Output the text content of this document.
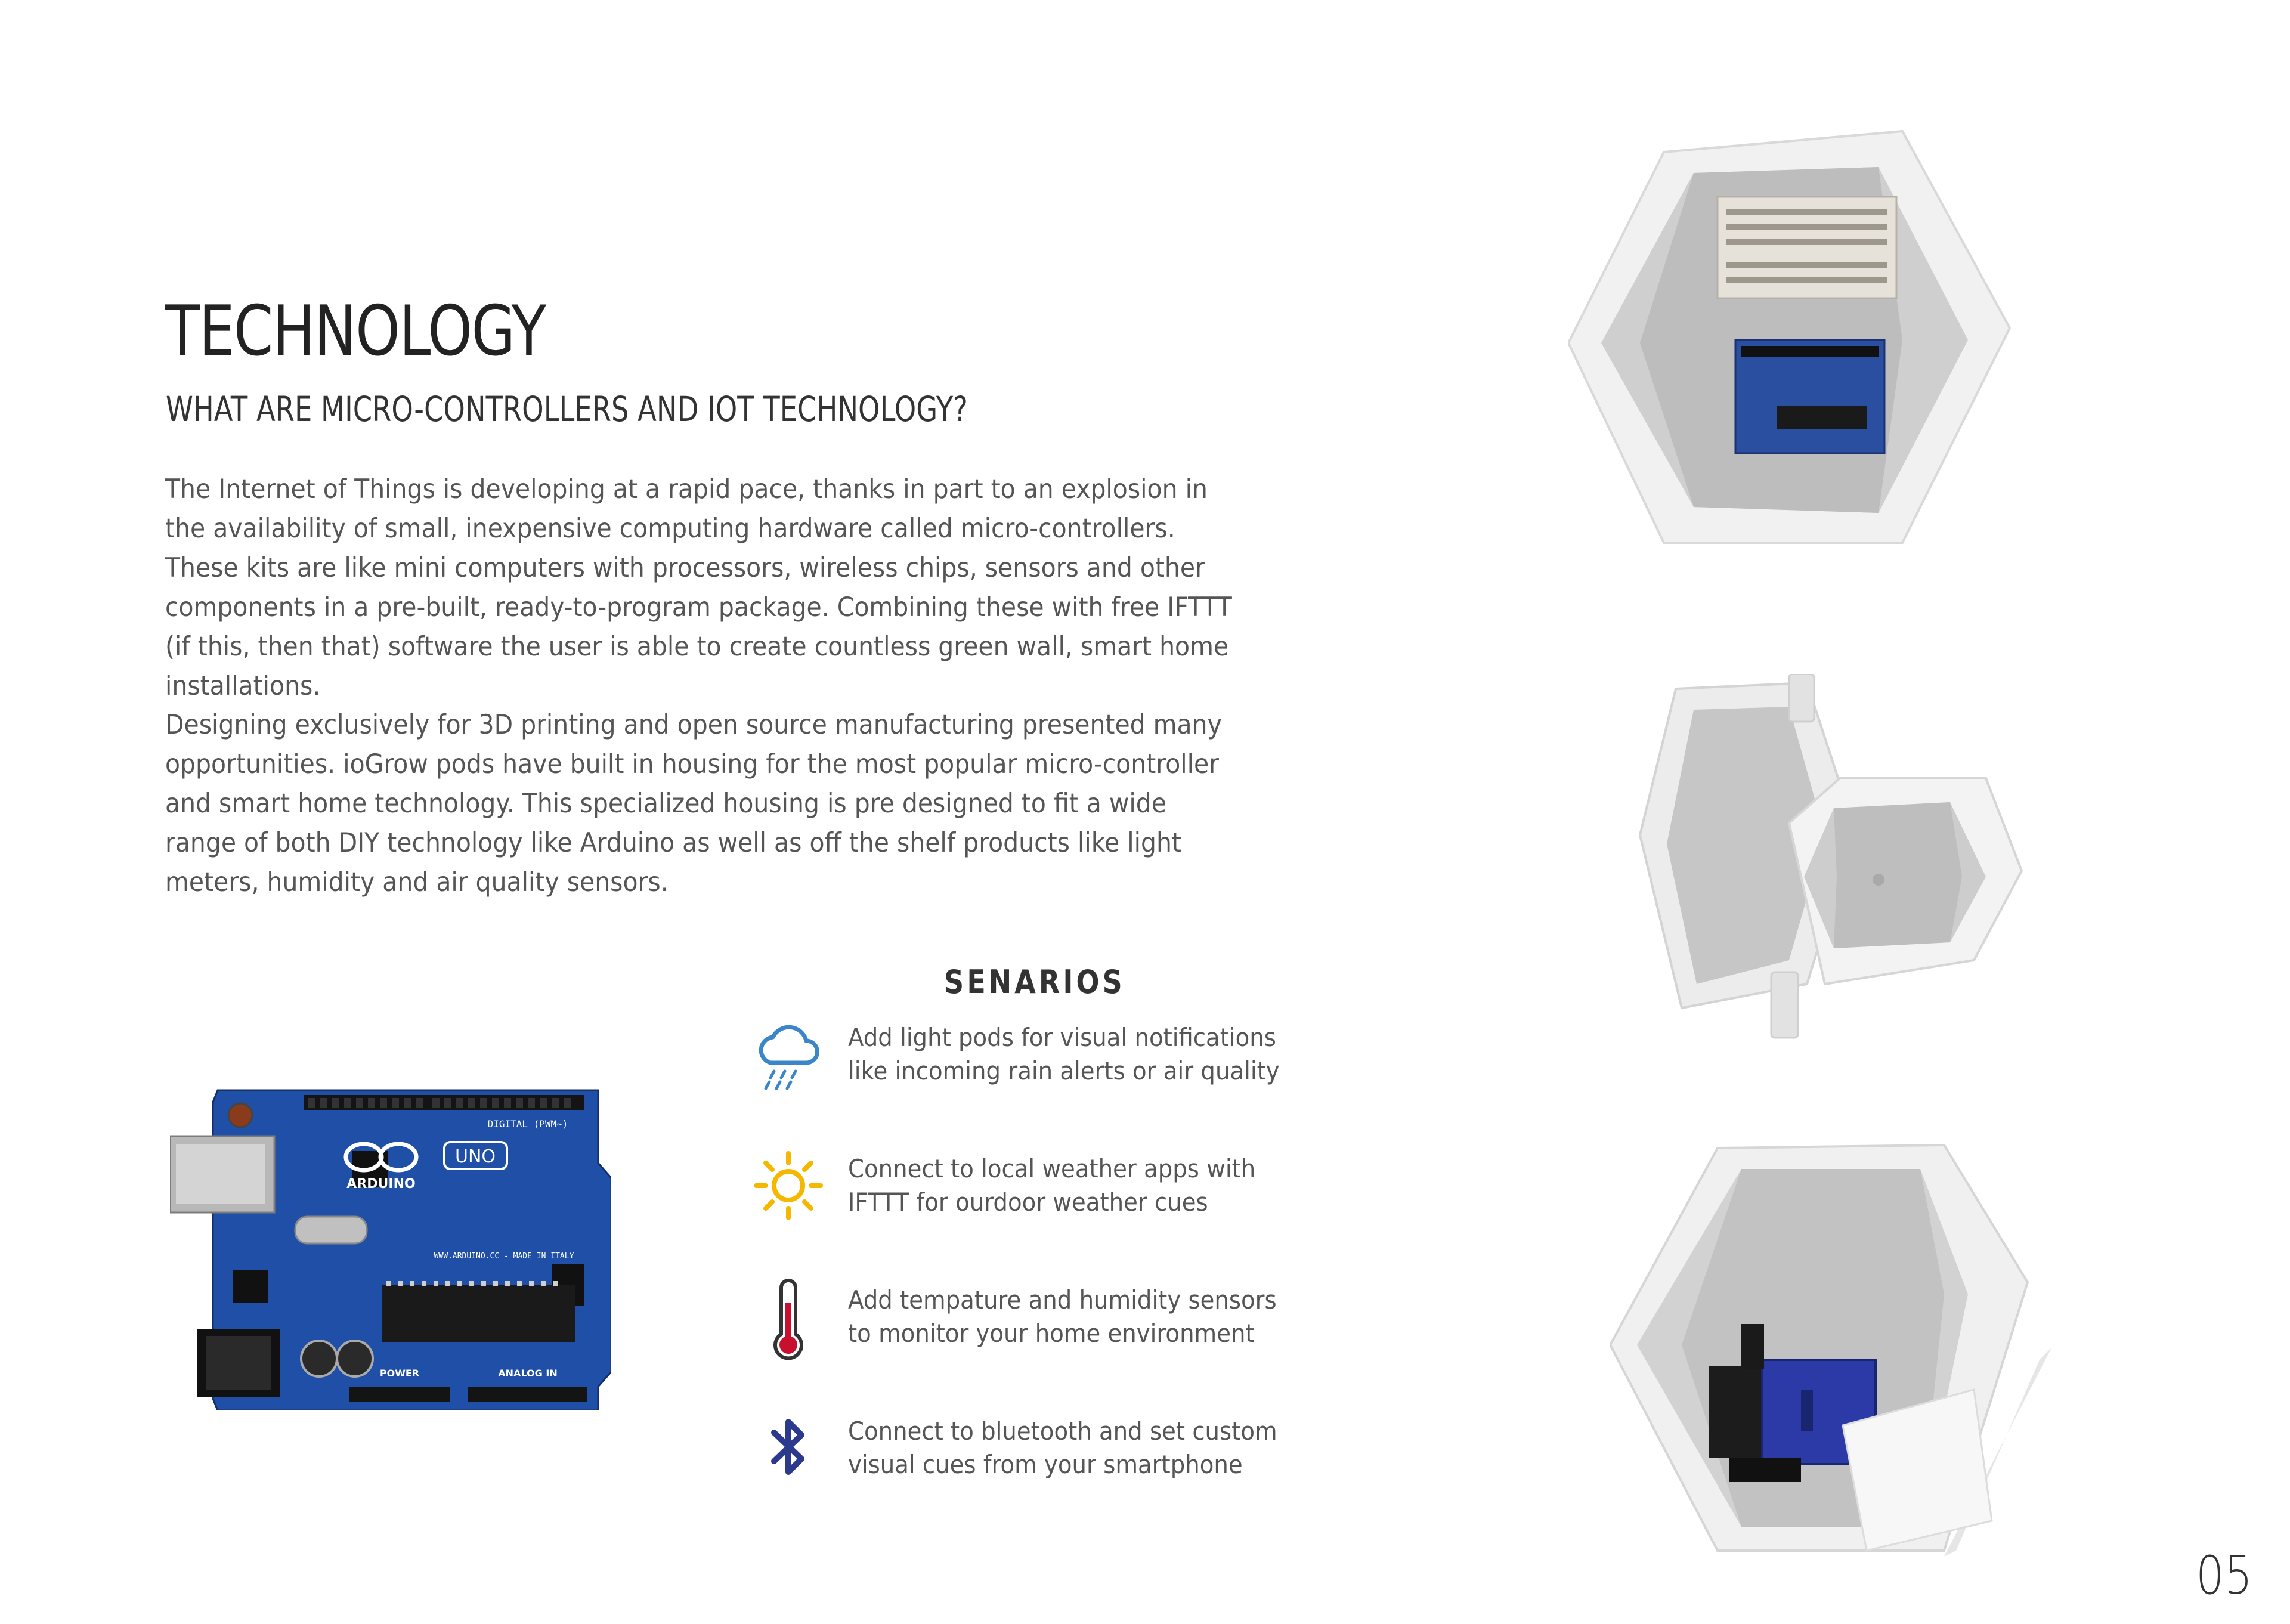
TECHNOLOGY
WHAT ARE MICRO-CONTROLLERS AND IOT TECHNOLOGY?

The Internet of Things is developing at a rapid pace, thanks in part to an explosion in the availability of small, inexpensive computing hardware called micro-controllers. These kits are like mini computers with processors, wireless chips, sensors and other components in a pre-built, ready-to-program package. Combining these with free IFTTT (if this, then that) software the user is able to create countless green wall, smart home installations.

Designing exclusively for 3D printing and open source manufacturing presented many opportunities. ioGrow pods have built in housing for the most popular micro-controller and smart home technology. This specialized housing is pre designed to fit a wide range of both DIY technology like Arduino as well as off the shelf products like light meters, humidity and air quality sensors.

UNO
ARDUINO
DIGITAL (PWM~)
WWW.ARDUINO.CC - MADE IN ITALY
POWER	ANALOG IN
SENARIOS

Add light pods for visual notifications
like incoming rain alerts or air quality

Connect to local weather apps with
IFTTT for ourdoor weather cues

Add tempature and humidity sensors
to monitor your home environment

Connect to bluetooth and set custom
visual cues from your smartphone

05
